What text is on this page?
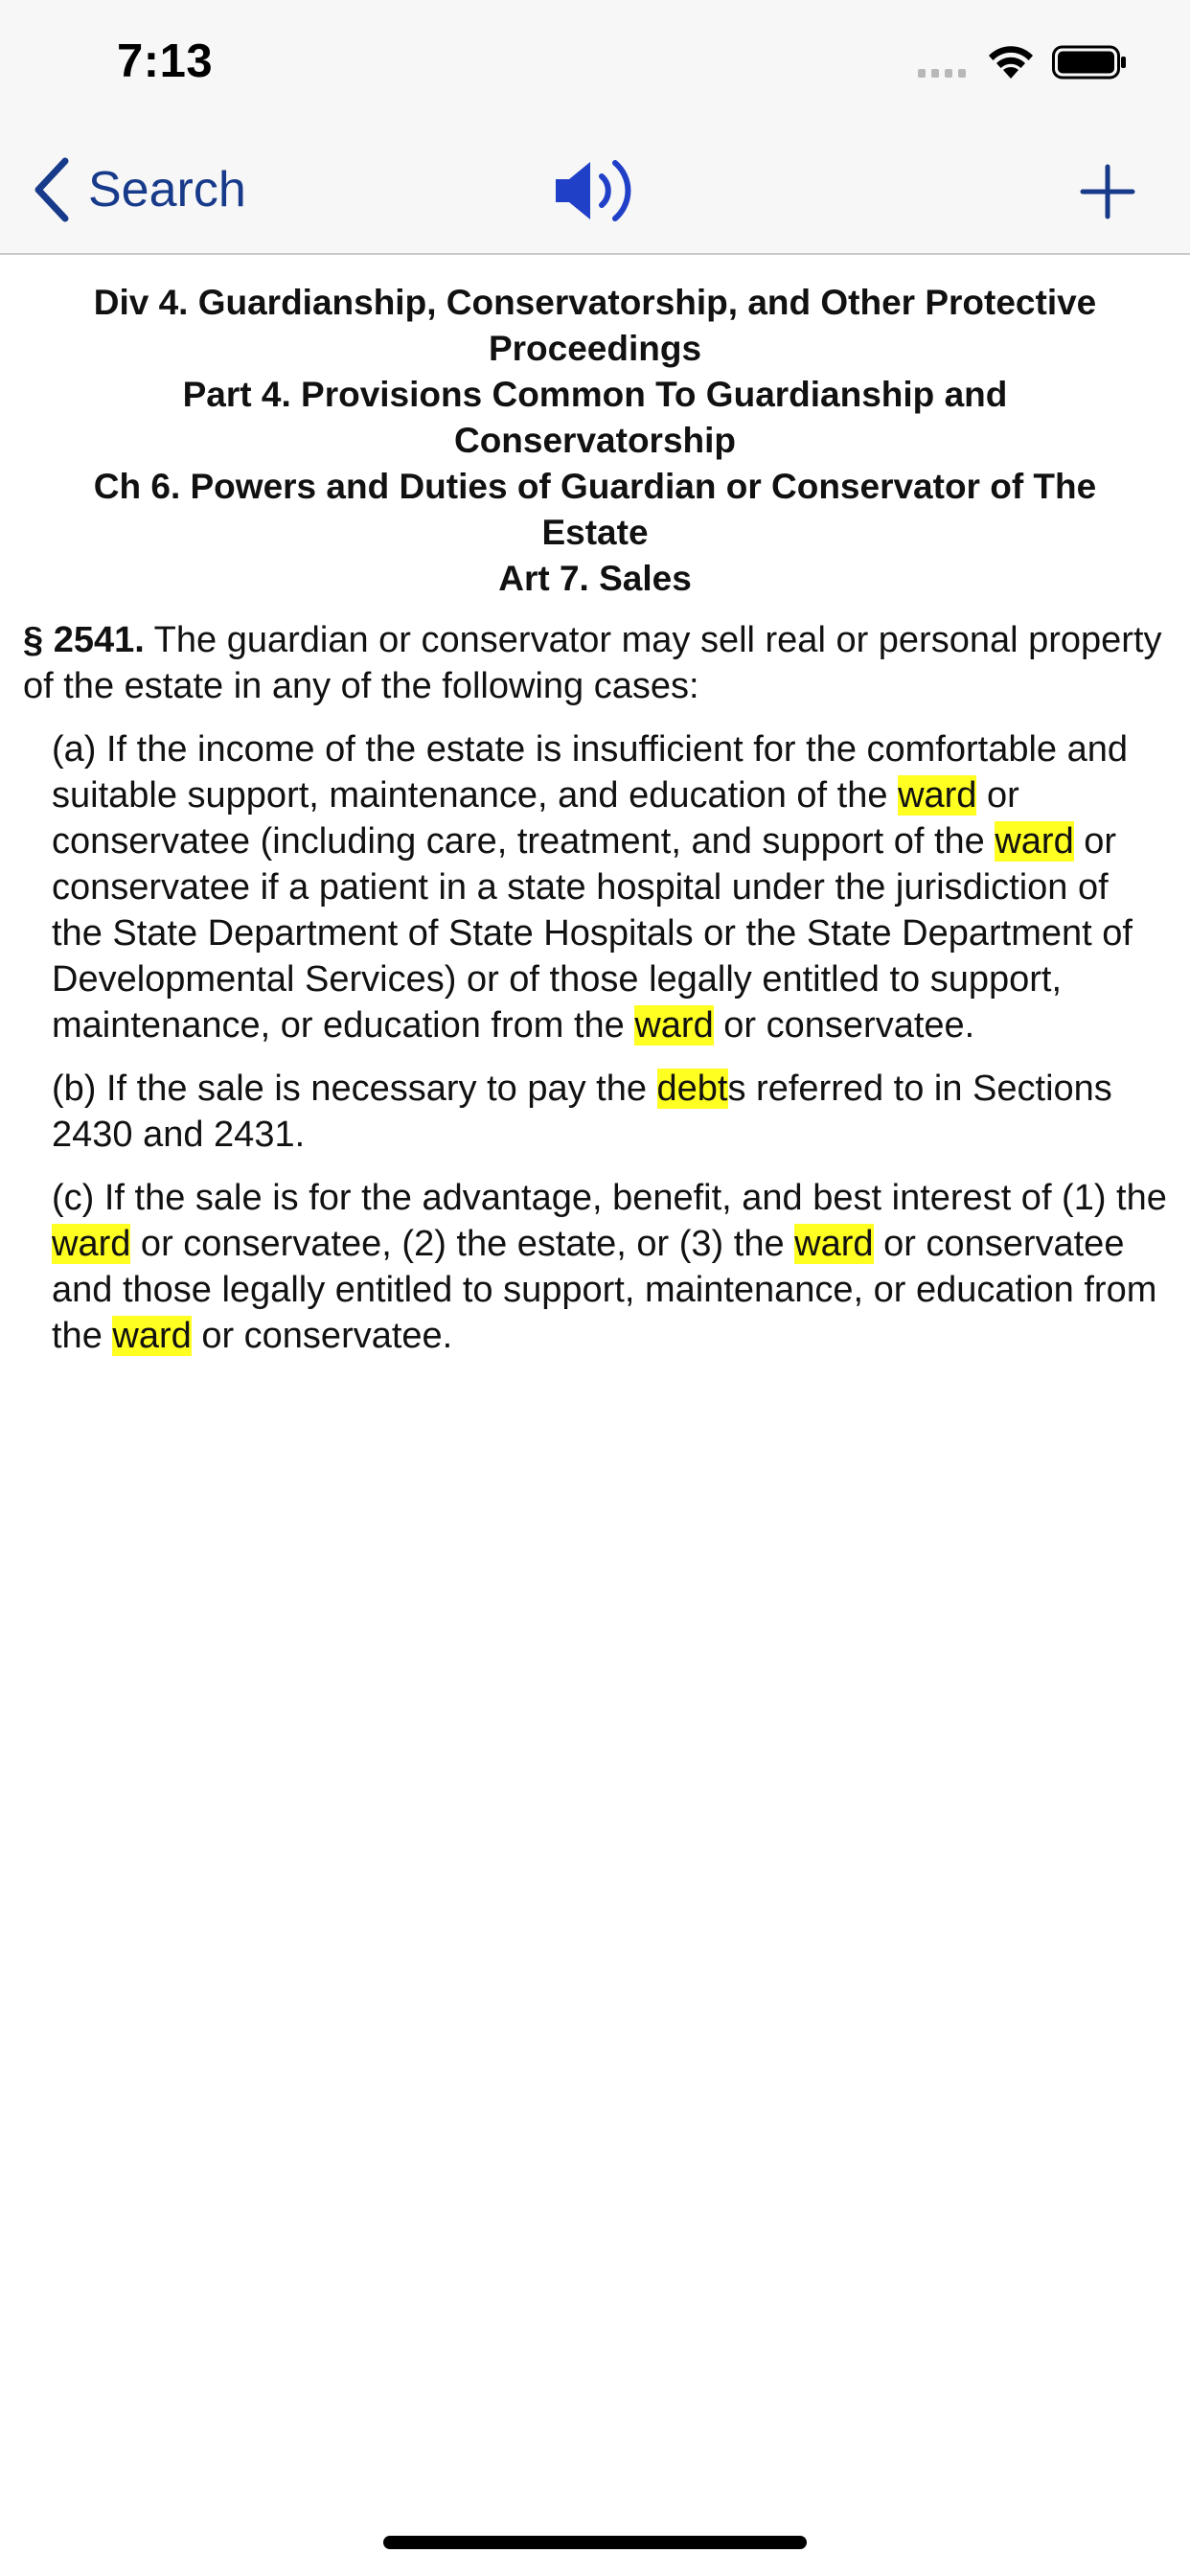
7:13
Search
Div 4. Guardianship, Conservatorship, and Other Protective Proceedings
Part 4. Provisions Common To Guardianship and Conservatorship
Ch 6. Powers and Duties of Guardian or Conservator of The Estate
Art 7. Sales
§ 2541. The guardian or conservator may sell real or personal property of the estate in any of the following cases:
(a) If the income of the estate is insufficient for the comfortable and suitable support, maintenance, and education of the ward or conservatee (including care, treatment, and support of the ward or conservatee if a patient in a state hospital under the jurisdiction of the State Department of State Hospitals or the State Department of Developmental Services) or of those legally entitled to support, maintenance, or education from the ward or conservatee.
(b) If the sale is necessary to pay the debts referred to in Sections 2430 and 2431.
(c) If the sale is for the advantage, benefit, and best interest of (1) the ward or conservatee, (2) the estate, or (3) the ward or conservatee and those legally entitled to support, maintenance, or education from the ward or conservatee.
